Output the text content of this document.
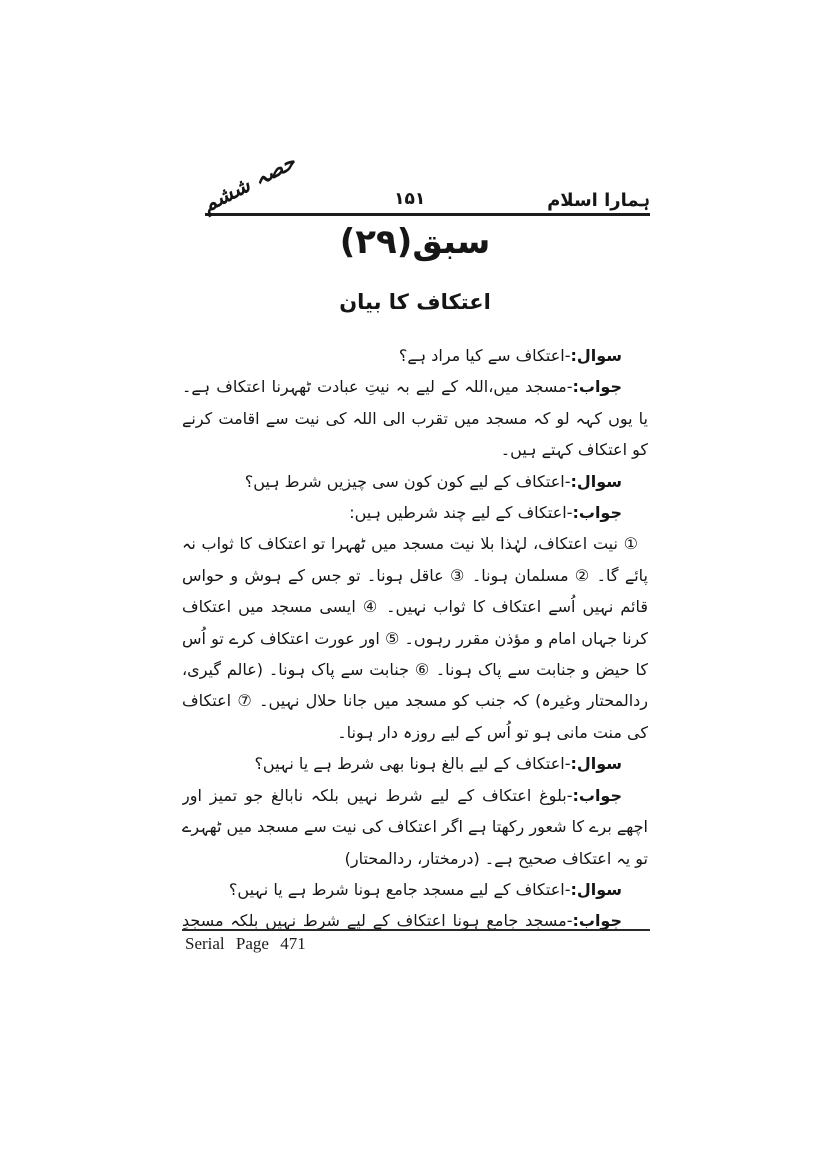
حصہ ششم	۱۵۱	ہمارا اسلام
سبق(۲۹)
اعتکاف کا بیان

سوال:-اعتکاف سے کیا مراد ہے؟

جواب:-مسجد میں،اللہ کے لیے بہ نیتِ عبادت ٹھہرنا اعتکاف ہے۔ یا یوں کہہ لو کہ مسجد میں تقرب الی اللہ کی نیت سے اقامت کرنے کو اعتکاف کہتے ہیں۔

سوال:-اعتکاف کے لیے کون کون سی چیزیں شرط ہیں؟

جواب:-اعتکاف کے لیے چند شرطیں ہیں:

① نیت اعتکاف، لہٰذا بلا نیت مسجد میں ٹھہرا تو اعتکاف کا ثواب نہ پائے گا۔ ② مسلمان ہونا۔ ③ عاقل ہونا۔ تو جس کے ہوش و حواس قائم نہیں اُسے اعتکاف کا ثواب نہیں۔ ④ ایسی مسجد میں اعتکاف کرنا جہاں امام و مؤذن مقرر رہوں۔ ⑤ اور عورت اعتکاف کرے تو اُس کا حیض و جنابت سے پاک ہونا۔ ⑥ جنابت سے پاک ہونا۔ (عالم گیری، ردالمحتار وغیرہ) کہ جنب کو مسجد میں جانا حلال نہیں۔ ⑦ اعتکاف کی منت مانی ہو تو اُس کے لیے روزہ دار ہونا۔

سوال:-اعتکاف کے لیے بالغ ہونا بھی شرط ہے یا نہیں؟

جواب:-بلوغ اعتکاف کے لیے شرط نہیں بلکہ نابالغ جو تمیز اور اچھے برے کا شعور رکھتا ہے اگر اعتکاف کی نیت سے مسجد میں ٹھہرے تو یہ اعتکاف صحیح ہے۔ (درمختار، ردالمحتار)

سوال:-اعتکاف کے لیے مسجد جامع ہونا شرط ہے یا نہیں؟

جواب:-مسجد جامع ہونا اعتکاف کے لیے شرط نہیں بلکہ مسجدِ

Serial Page 471
